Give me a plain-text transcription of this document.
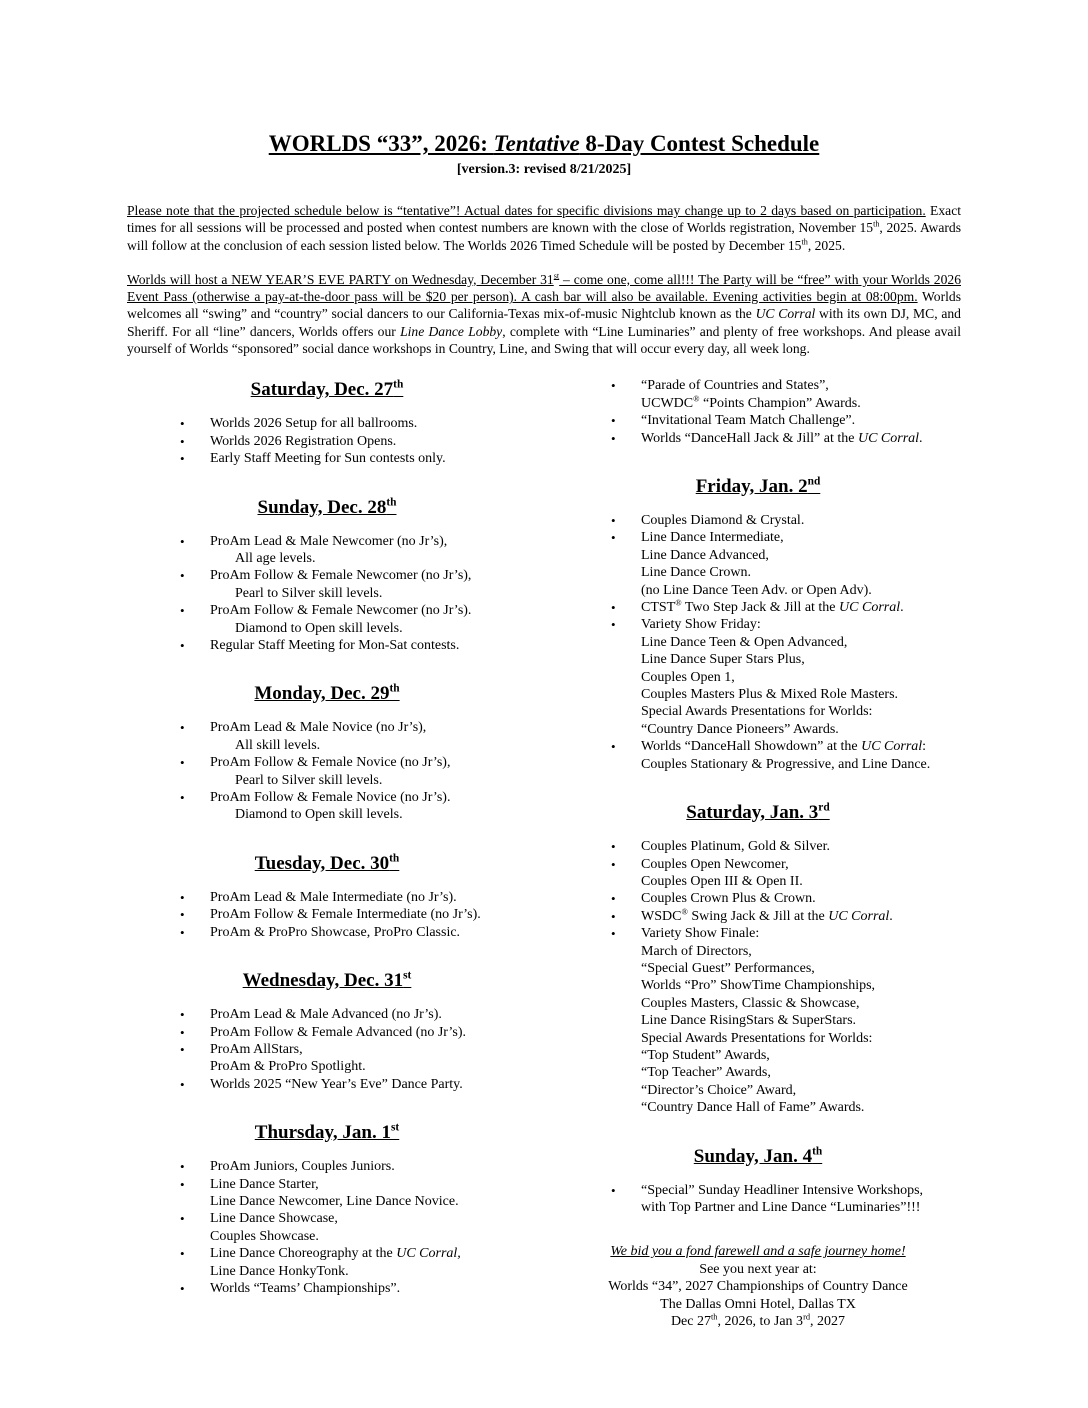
WORLDS “33”, 2026: Tentative 8-Day Contest Schedule
[version.3: revised 8/21/2025]

Please note that the projected schedule below is “tentative”! Actual dates for specific divisions may change up to 2 days based on participation. Exact times for all sessions will be processed and posted when contest numbers are known with the close of Worlds registration, November 15th, 2025. Awards will follow at the conclusion of each session listed below. The Worlds 2026 Timed Schedule will be posted by December 15th, 2025.

Worlds will host a NEW YEAR’S EVE PARTY on Wednesday, December 31st – come one, come all!!! The Party will be “free” with your Worlds 2026 Event Pass (otherwise a pay-at-the-door pass will be $20 per person). A cash bar will also be available. Evening activities begin at 08:00pm. Worlds welcomes all “swing” and “country” social dancers to our California-Texas mix-of-music Nightclub known as the UC Corral with its own DJ, MC, and Sheriff. For all “line” dancers, Worlds offers our Line Dance Lobby, complete with “Line Luminaries” and plenty of free workshops. And please avail yourself of Worlds “sponsored” social dance workshops in Country, Line, and Swing that will occur every day, all week long.

Saturday, Dec. 27th
•	Worlds 2026 Setup for all ballrooms.
•	Worlds 2026 Registration Opens.
•	Early Staff Meeting for Sun contests only.
Sunday, Dec. 28th
•	ProAm Lead & Male Newcomer (no Jr’s),
All age levels.
•	ProAm Follow & Female Newcomer (no Jr’s),
Pearl to Silver skill levels.
•	ProAm Follow & Female Newcomer (no Jr’s).
Diamond to Open skill levels.
•	Regular Staff Meeting for Mon-Sat contests.
Monday, Dec. 29th
•	ProAm Lead & Male Novice (no Jr’s),
All skill levels.
•	ProAm Follow & Female Novice (no Jr’s),
Pearl to Silver skill levels.
•	ProAm Follow & Female Novice (no Jr’s).
Diamond to Open skill levels.
Tuesday, Dec. 30th
•	ProAm Lead & Male Intermediate (no Jr’s).
•	ProAm Follow & Female Intermediate (no Jr’s).
•	ProAm & ProPro Showcase, ProPro Classic.
Wednesday, Dec. 31st
•	ProAm Lead & Male Advanced (no Jr’s).
•	ProAm Follow & Female Advanced (no Jr’s).
•	ProAm AllStars,
ProAm & ProPro Spotlight.
•	Worlds 2025 “New Year’s Eve” Dance Party.
Thursday, Jan. 1st
•	ProAm Juniors, Couples Juniors.
•	Line Dance Starter,
Line Dance Newcomer, Line Dance Novice.
•	Line Dance Showcase,
Couples Showcase.
•	Line Dance Choreography at the UC Corral,
Line Dance HonkyTonk.
•	Worlds “Teams’ Championships”.
•	“Parade of Countries and States”,
UCWDC® “Points Champion” Awards.
•	“Invitational Team Match Challenge”.
•	Worlds “DanceHall Jack & Jill” at the UC Corral.
Friday, Jan. 2nd
•	Couples Diamond & Crystal.
•	Line Dance Intermediate,
Line Dance Advanced,
Line Dance Crown.
(no Line Dance Teen Adv. or Open Adv).
•	CTST® Two Step Jack & Jill at the UC Corral.
•	Variety Show Friday:
Line Dance Teen & Open Advanced,
Line Dance Super Stars Plus,
Couples Open 1,
Couples Masters Plus & Mixed Role Masters.
Special Awards Presentations for Worlds:
“Country Dance Pioneers” Awards.
•	Worlds “DanceHall Showdown” at the UC Corral:
Couples Stationary & Progressive, and Line Dance.
Saturday, Jan. 3rd
•	Couples Platinum, Gold & Silver.
•	Couples Open Newcomer,
Couples Open III & Open II.
•	Couples Crown Plus & Crown.
•	WSDC® Swing Jack & Jill at the UC Corral.
•	Variety Show Finale:
March of Directors,
“Special Guest” Performances,
Worlds “Pro” ShowTime Championships,
Couples Masters, Classic & Showcase,
Line Dance RisingStars & SuperStars.
Special Awards Presentations for Worlds:
“Top Student” Awards,
“Top Teacher” Awards,
“Director’s Choice” Award,
“Country Dance Hall of Fame” Awards.
Sunday, Jan. 4th
•	“Special” Sunday Headliner Intensive Workshops,
with Top Partner and Line Dance “Luminaries”!!!
We bid you a fond farewell and a safe journey home!
See you next year at:
Worlds “34”, 2027 Championships of Country Dance
The Dallas Omni Hotel, Dallas TX
Dec 27th, 2026, to Jan 3rd, 2027
